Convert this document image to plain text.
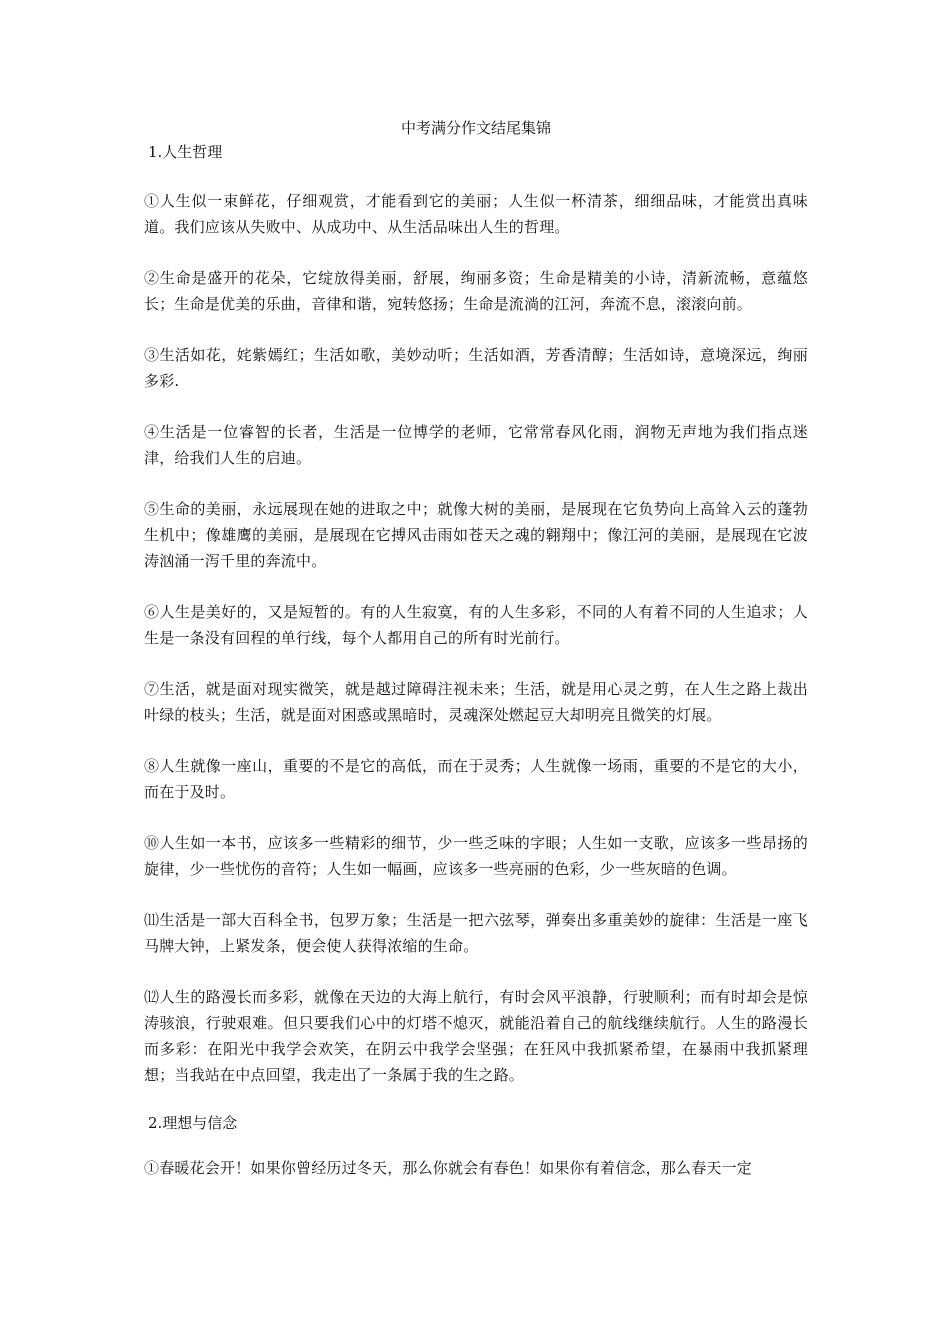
中考满分作文结尾集锦
1.人生哲理

①人生似一束鲜花，仔细观赏，才能看到它的美丽；人生似一杯清茶，细细品味，才能赏出真味道。我们应该从失败中、从成功中、从生活品味出人生的哲理。

②生命是盛开的花朵，它绽放得美丽，舒展，绚丽多资；生命是精美的小诗，清新流畅，意蕴悠长；生命是优美的乐曲，音律和谐，宛转悠扬；生命是流淌的江河，奔流不息，滚滚向前。

③生活如花，姹紫嫣红；生活如歌，美妙动听；生活如酒，芳香清醇；生活如诗，意境深远，绚丽多彩.

④生活是一位睿智的长者，生活是一位博学的老师，它常常春风化雨，润物无声地为我们指点迷津，给我们人生的启迪。

⑤生命的美丽，永远展现在她的进取之中；就像大树的美丽，是展现在它负势向上高耸入云的蓬勃生机中；像雄鹰的美丽，是展现在它搏风击雨如苍天之魂的翱翔中；像江河的美丽，是展现在它波涛汹涌一泻千里的奔流中。

⑥人生是美好的，又是短暂的。有的人生寂寞，有的人生多彩，不同的人有着不同的人生追求；人生是一条没有回程的单行线，每个人都用自己的所有时光前行。

⑦生活，就是面对现实微笑，就是越过障碍注视未来；生活，就是用心灵之剪，在人生之路上裁出叶绿的枝头；生活，就是面对困惑或黑暗时，灵魂深处燃起豆大却明亮且微笑的灯展。

⑧人生就像一座山，重要的不是它的高低，而在于灵秀；人生就像一场雨，重要的不是它的大小，而在于及时。

⑩人生如一本书，应该多一些精彩的细节，少一些乏味的字眼；人生如一支歌，应该多一些昂扬的旋律，少一些忧伤的音符；人生如一幅画，应该多一些亮丽的色彩，少一些灰暗的色调。

⑾生活是一部大百科全书，包罗万象；生活是一把六弦琴，弹奏出多重美妙的旋律：生活是一座飞马牌大钟，上紧发条，便会使人获得浓缩的生命。

⑿人生的路漫长而多彩，就像在天边的大海上航行，有时会风平浪静，行驶顺利；而有时却会是惊涛骇浪，行驶艰难。但只要我们心中的灯塔不熄灭，就能沿着自己的航线继续航行。人生的路漫长而多彩：在阳光中我学会欢笑，在阴云中我学会坚强；在狂风中我抓紧希望，在暴雨中我抓紧理想；当我站在中点回望，我走出了一条属于我的生之路。

2.理想与信念

①春暖花会开！如果你曾经历过冬天，那么你就会有春色！如果你有着信念，那么春天一定
